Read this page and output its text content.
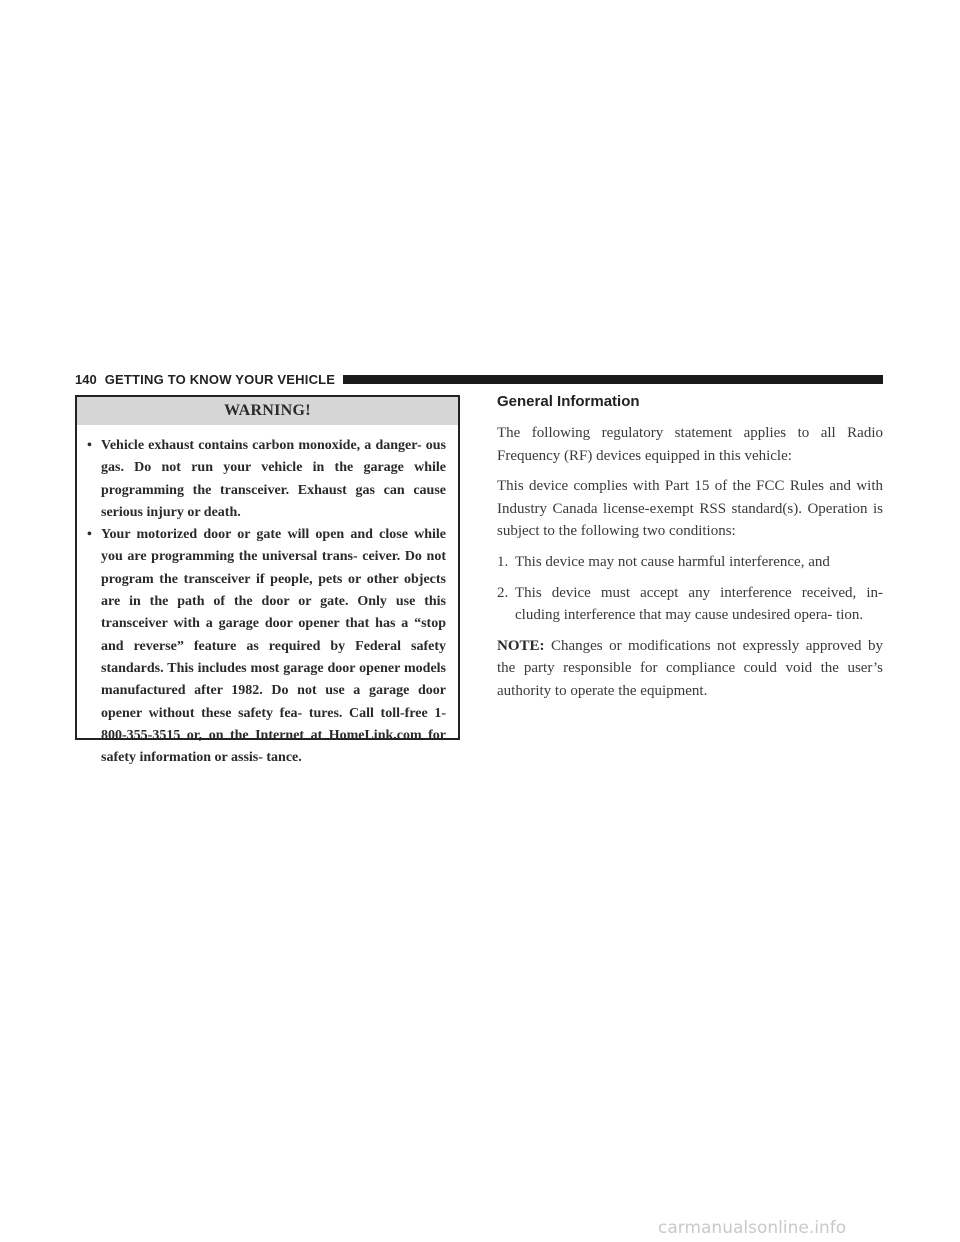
140 GETTING TO KNOW YOUR VEHICLE
WARNING!
• Vehicle exhaust contains carbon monoxide, a danger- ous gas. Do not run your vehicle in the garage while programming the transceiver. Exhaust gas can cause serious injury or death.
• Your motorized door or gate will open and close while you are programming the universal trans- ceiver. Do not program the transceiver if people, pets or other objects are in the path of the door or gate. Only use this transceiver with a garage door opener that has a “stop and reverse” feature as required by Federal safety standards. This includes most garage door opener models manufactured after 1982. Do not use a garage door opener without these safety fea- tures. Call toll-free 1-800-355-3515 or, on the Internet at HomeLink.com for safety information or assis- tance.
General Information

The following regulatory statement applies to all Radio Frequency (RF) devices equipped in this vehicle:

This device complies with Part 15 of the FCC Rules and with Industry Canada license-exempt RSS standard(s). Operation is subject to the following two conditions:

1. This device may not cause harmful interference, and
2. This device must accept any interference received, in- cluding interference that may cause undesired opera- tion.

NOTE: Changes or modifications not expressly approved by the party responsible for compliance could void the user’s authority to operate the equipment.

carmanualsonline.info
